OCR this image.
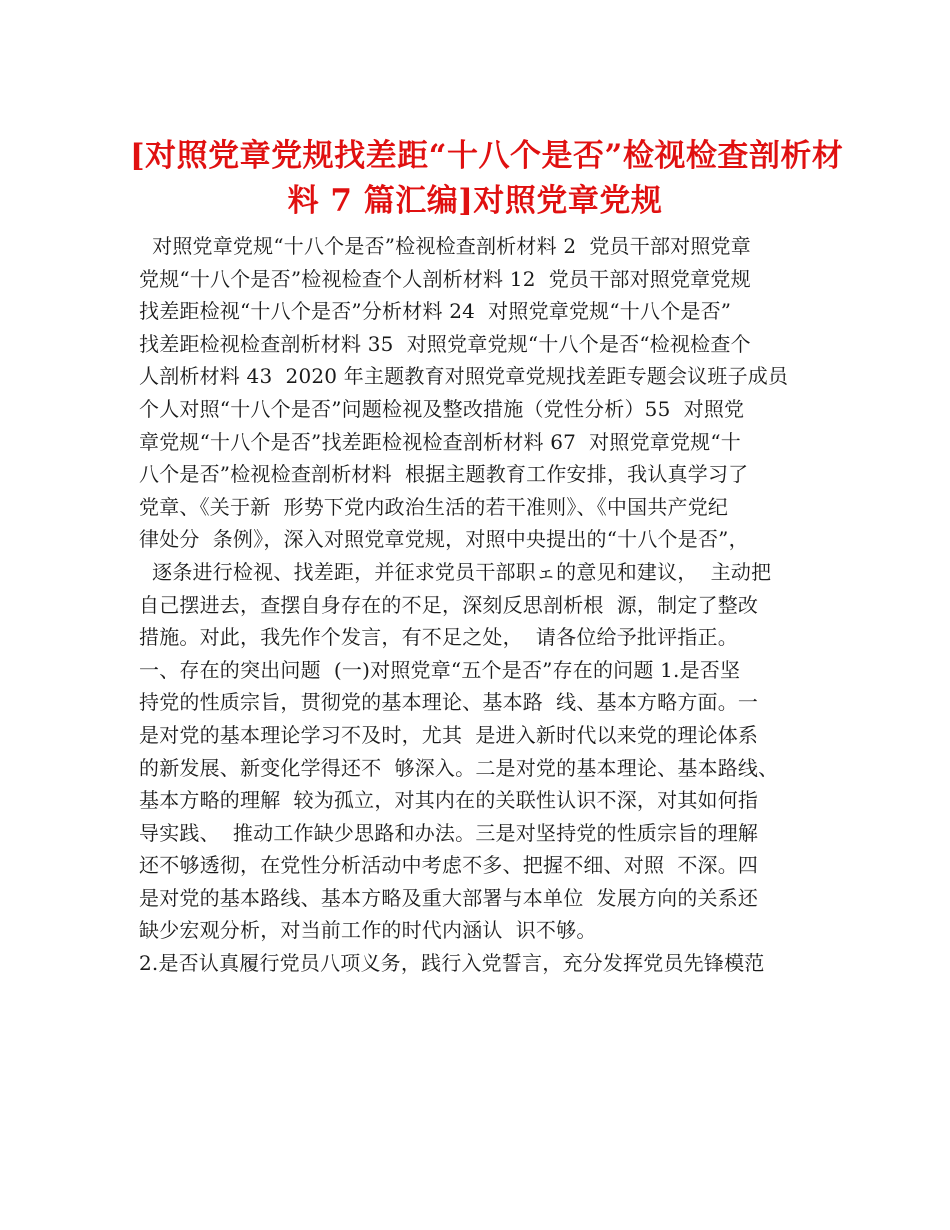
[对照党章党规找差距“十八个是否”检视检查剖析材
料 7 篇汇编]对照党章党规
对照党章党规“十八个是否”检视检查剖析材料 2  党员干部对照党章
党规“十八个是否”检视检查个人剖析材料 12  党员干部对照党章党规
找差距检视“十八个是否”分析材料 24  对照党章党规“十八个是否”
找差距检视检查剖析材料 35  对照党章党规“十八个是否“检视检查个
人剖析材料 43  2020 年主题教育对照党章党规找差距专题会议班子成员
个人对照“十八个是否”问题检视及整改措施（党性分析）55  对照党
章党规“十八个是否”找差距检视检查剖析材料 67  对照党章党规“十
八个是否”检视检查剖析材料  根据主题教育工作安排，我认真学习了
党章、《关于新  形势下党内政治生活的若干准则》、《中国共产党纪
律处分  条例》，深入对照党章党规，对照中央提出的“十八个是否”，
逐条进行检视、找差距，并征求党员干部职ェ的意见和建议，  主动把
自己摆进去，查摆自身存在的不足，深刻反思剖析根  源，制定了整改
措施。对此，我先作个发言，有不足之处，  请各位给予批评指正。
一、存在的突出问题  (一)对照党章“五个是否”存在的问题 1.是否坚
持党的性质宗旨，贯彻党的基本理论、基本路  线、基本方略方面。一
是对党的基本理论学习不及时，尤其  是进入新时代以来党的理论体系
的新发展、新变化学得还不  够深入。二是对党的基本理论、基本路线、
基本方略的理解  较为孤立，对其内在的关联性认识不深，对其如何指
导实践、  推动工作缺少思路和办法。三是对坚持党的性质宗旨的理解
还不够透彻，在党性分析活动中考虑不多、把握不细、对照  不深。四
是对党的基本路线、基本方略及重大部署与本单位  发展方向的关系还
缺少宏观分析，对当前工作的时代内涵认  识不够。
2.是否认真履行党员八项义务，践行入党誓言，充分发挥党员先锋模范
